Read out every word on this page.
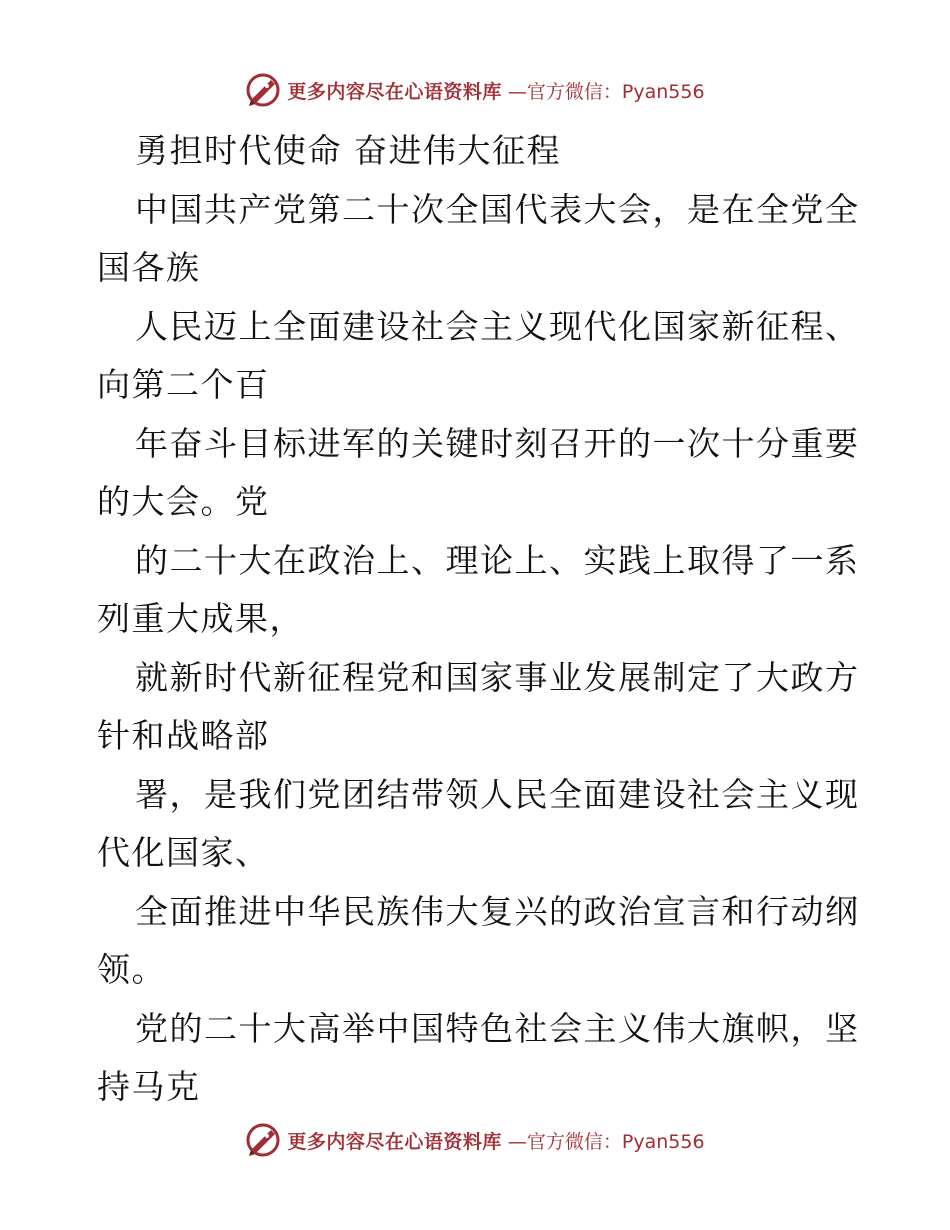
更多内容尽在心语资料库 —官方微信：Pyan556
勇担时代使命 奋进伟大征程
中国共产党第二十次全国代表大会，是在全党全
国各族
人民迈上全面建设社会主义现代化国家新征程、
向第二个百
年奋斗目标进军的关键时刻召开的一次十分重要
的大会。党
的二十大在政治上、理论上、实践上取得了一系
列重大成果，
就新时代新征程党和国家事业发展制定了大政方
针和战略部
署，是我们党团结带领人民全面建设社会主义现
代化国家、
全面推进中华民族伟大复兴的政治宣言和行动纲
领。
党的二十大高举中国特色社会主义伟大旗帜，坚
持马克
更多内容尽在心语资料库 —官方微信：Pyan556
